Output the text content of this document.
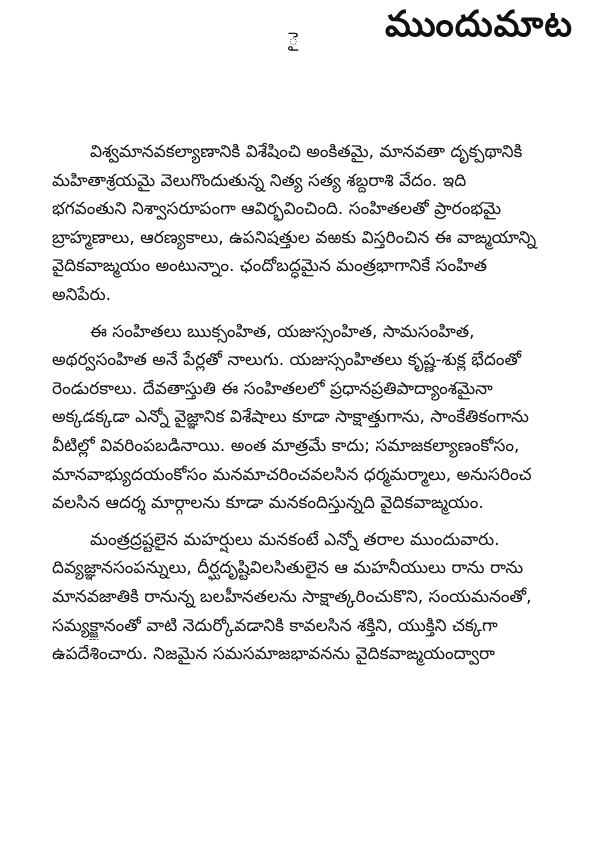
ముందుమాట
ై
విశ్వమానవకల్యాణానికి విశేషించి అంకితమై, మానవతా దృక్పథానికి
మహితాశ్రయమై వెలుగొందుతున్న నిత్య సత్య శబ్దరాశి వేదం. ఇది
భగవంతుని నిశ్వాసరూపంగా ఆవిర్భవించింది. సంహితలతో ప్రారంభమై
బ్రాహ్మణాలు, ఆరణ్యకాలు, ఉపనిషత్తుల వఱకు విస్తరించిన ఈ వాఙ్మయాన్ని
వైదికవాఙ్మయం అంటున్నాం. ఛందోబద్ధమైన మంత్రభాగానికే సంహిత
అనిపేరు.
ఈ సంహితలు ఋక్సంహిత, యజుస్సంహిత, సామసంహిత,
అథర్వసంహిత అనే పేర్లతో నాలుగు. యజుస్సంహితలు కృష్ణ-శుక్ల భేదంతో
రెండురకాలు. దేవతాస్తుతి ఈ సంహితలలో ప్రధానప్రతిపాద్యాంశమైనా
అక్కడక్కడా ఎన్నో వైజ్ఞానిక విశేషాలు కూడా సాక్షాత్తుగాను, సాంకేతికంగాను
వీటిల్లో వివరింపబడినాయి. అంత మాత్రమే కాదు; సమాజకల్యాణంకోసం,
మానవాభ్యుదయంకోసం మనమాచరించవలసిన ధర్మమర్మాలు, అనుసరించ
వలసిన ఆదర్శ మార్గాలను కూడా మనకందిస్తున్నది వైదికవాఙ్మయం.
మంత్రద్రష్టలైన మహర్షులు మనకంటే ఎన్నో తరాల ముందువారు.
దివ్యజ్ఞానసంపన్నులు, దీర్ఘదృష్టివిలసితులైన ఆ మహనీయులు రాను రాను
మానవజాతికి రానున్న బలహీనతలను సాక్షాత్కరించుకొని, సంయమనంతో,
సమ్యక్జ్ఞానంతో వాటి నెదుర్కోవడానికి కావలసిన శక్తిని, యుక్తిని చక్కగా
ఉపదేశించారు. నిజమైన సమసమాజభావనను వైదికవాఙ్మయంద్వారా
